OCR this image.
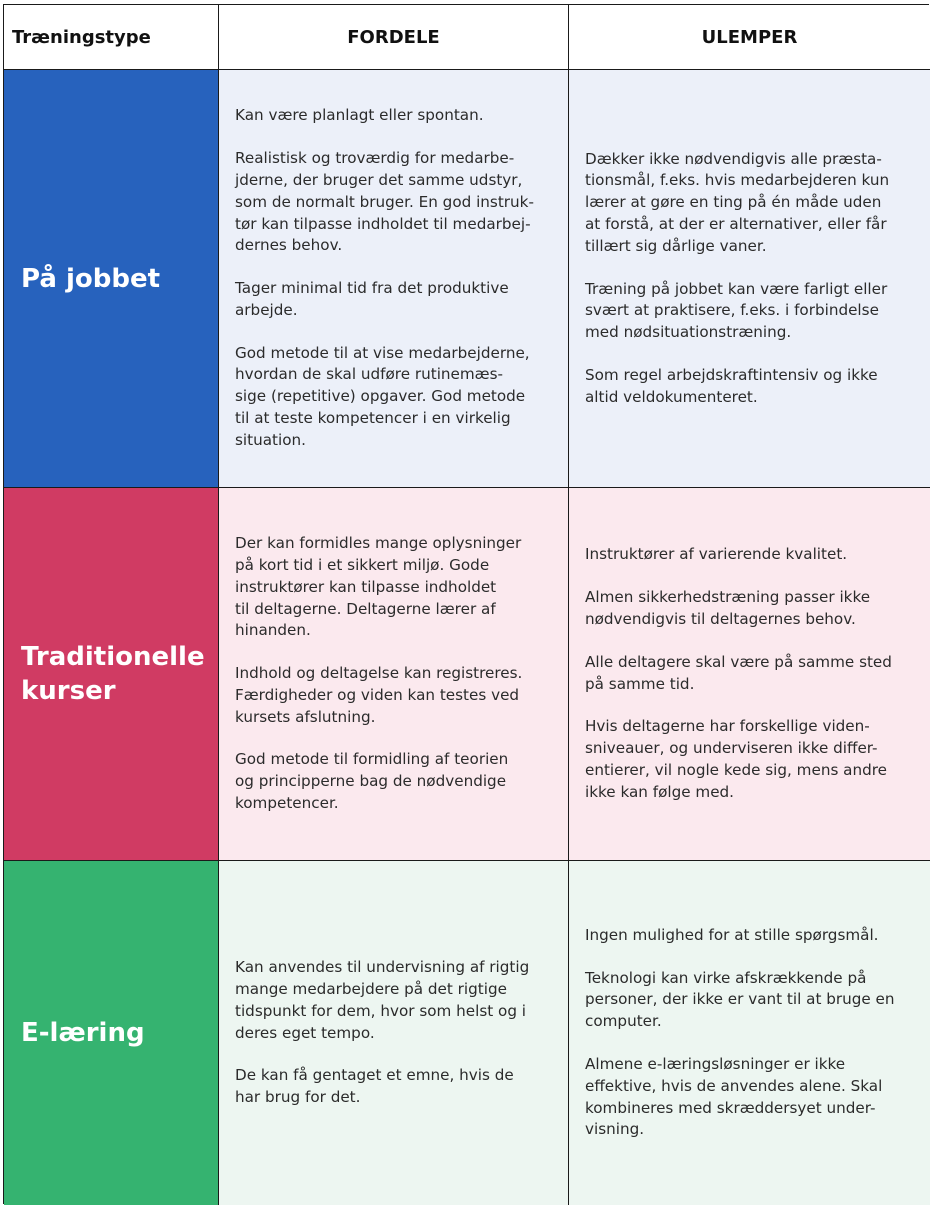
Træningstype	FORDELE	ULEMPER
På jobbet

Kan være planlagt eller spontan.

Realistisk og troværdig for medarbe-
jderne, der bruger det samme udstyr,
som de normalt bruger. En god instruk-
tør kan tilpasse indholdet til medarbej-
dernes behov.

Tager minimal tid fra det produktive
arbejde.

God metode til at vise medarbejderne,
hvordan de skal udføre rutinemæs-
sige (repetitive) opgaver. God metode
til at teste kompetencer i en virkelig
situation.

Dækker ikke nødvendigvis alle præsta-
tionsmål, f.eks. hvis medarbejderen kun
lærer at gøre en ting på én måde uden
at forstå, at der er alternativer, eller får
tillært sig dårlige vaner.

Træning på jobbet kan være farligt eller
svært at praktisere, f.eks. i forbindelse
med nødsituationstræning.

Som regel arbejdskraftintensiv og ikke
altid veldokumenteret.

Traditionelle
kurser

Der kan formidles mange oplysninger
på kort tid i et sikkert miljø. Gode
instruktører kan tilpasse indholdet
til deltagerne. Deltagerne lærer af
hinanden.

Indhold og deltagelse kan registreres.
Færdigheder og viden kan testes ved
kursets afslutning.

God metode til formidling af teorien
og principperne bag de nødvendige
kompetencer.

Instruktører af varierende kvalitet.

Almen sikkerhedstræning passer ikke
nødvendigvis til deltagernes behov.

Alle deltagere skal være på samme sted
på samme tid.

Hvis deltagerne har forskellige viden-
sniveauer, og underviseren ikke differ-
entierer, vil nogle kede sig, mens andre
ikke kan følge med.

E-læring

Kan anvendes til undervisning af rigtig
mange medarbejdere på det rigtige
tidspunkt for dem, hvor som helst og i
deres eget tempo.

De kan få gentaget et emne, hvis de
har brug for det.

Ingen mulighed for at stille spørgsmål.

Teknologi kan virke afskrækkende på
personer, der ikke er vant til at bruge en
computer.

Almene e-læringsløsninger er ikke
effektive, hvis de anvendes alene. Skal
kombineres med skræddersyet under-
visning.
